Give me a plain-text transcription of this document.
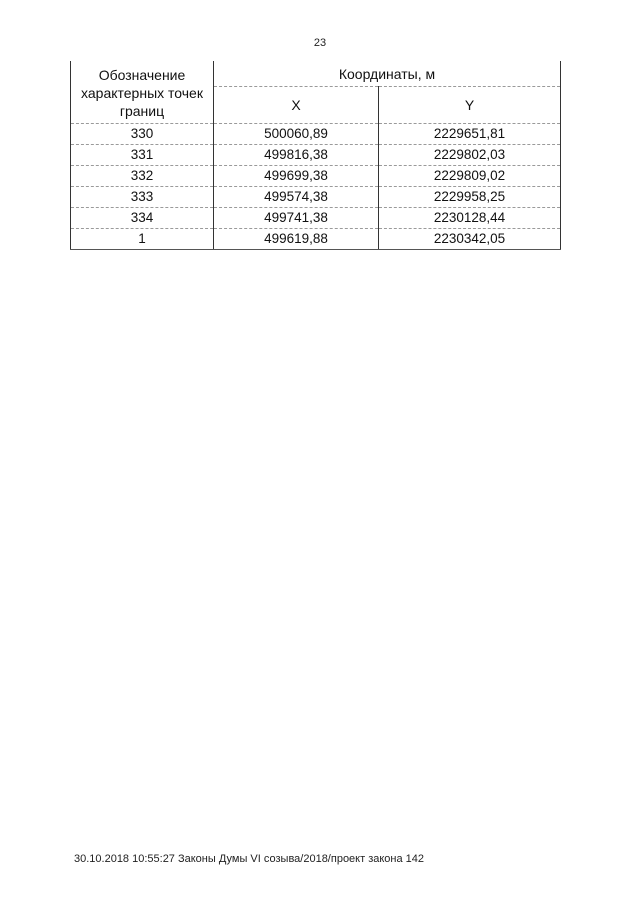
23
Обозначение характерных точек границ	Координаты, м	
	X	Y
330	500060,89	2229651,81
331	499816,38	2229802,03
332	499699,38	2229809,02
333	499574,38	2229958,25
334	499741,38	2230128,44
1	499619,88	2230342,05
30.10.2018 10:55:27 Законы Думы VI созыва/2018/проект закона 142
